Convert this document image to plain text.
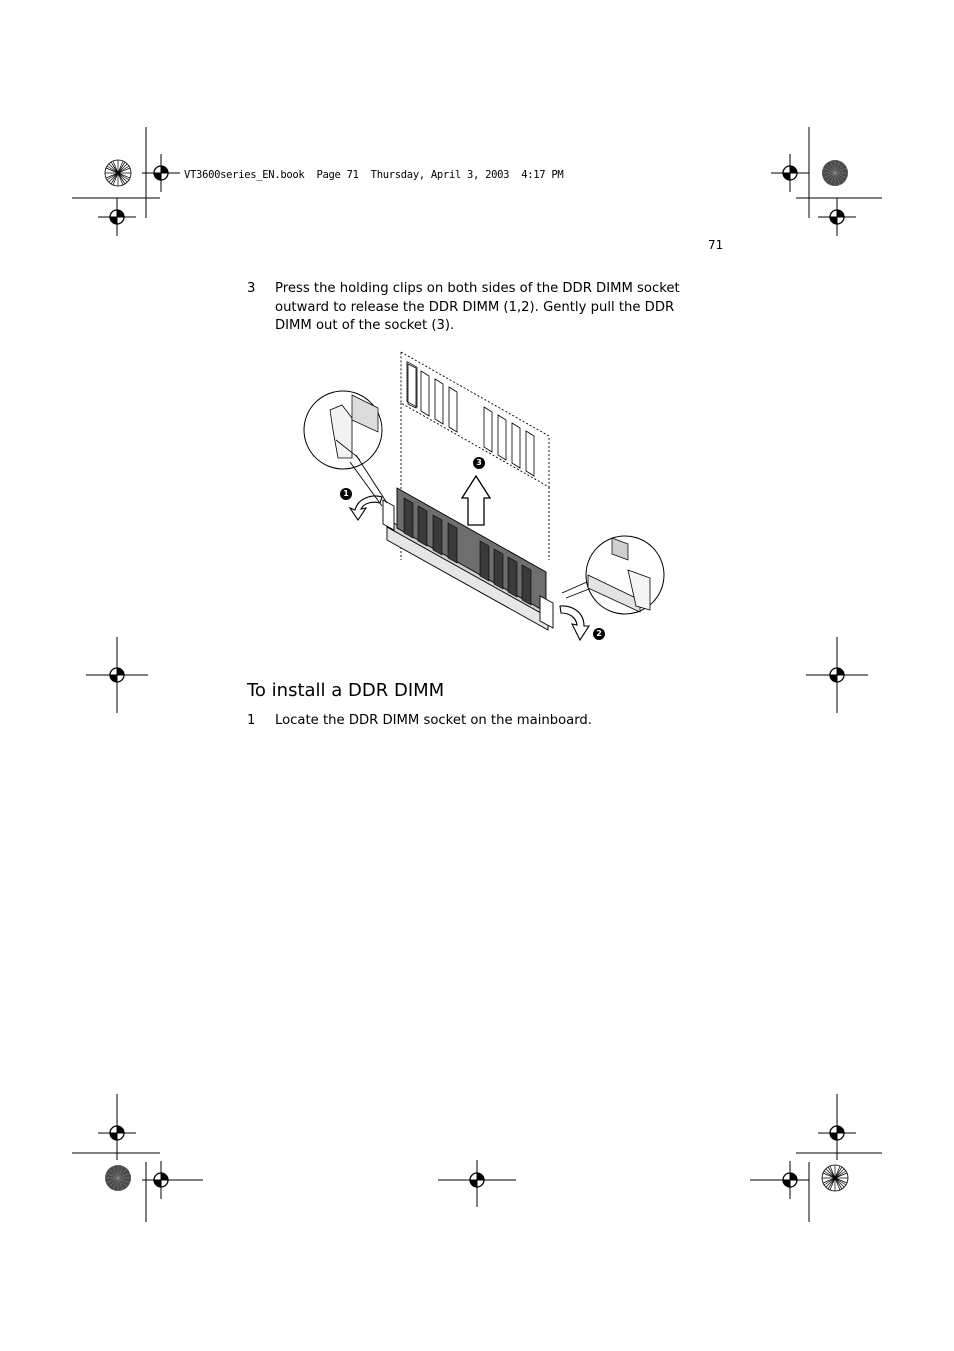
1
2
3
VT3600series_EN.book  Page 71  Thursday, April 3, 2003  4:17 PM
71
3 Press the holding clips on both sides of the DDR DIMM socket
outward to release the DDR DIMM (1,2). Gently pull the DDR
DIMM out of the socket (3).
To install a DDR DIMM
1 Locate the DDR DIMM socket on the mainboard.
